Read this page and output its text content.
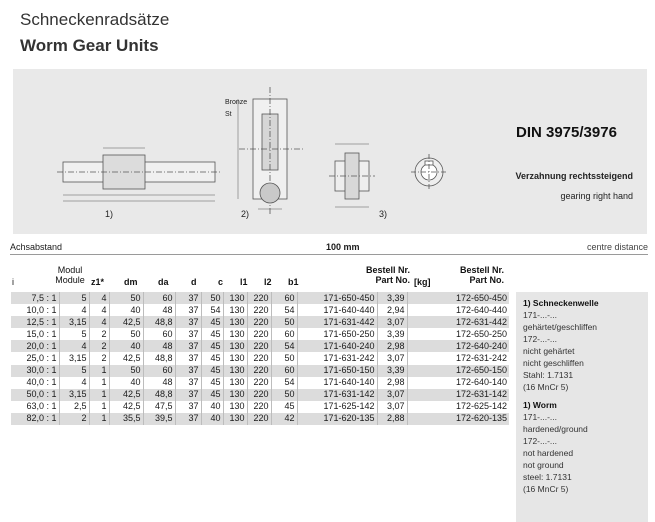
Schneckenradsätze
Worm Gear Units
DIN 3975/3976
Verzahnung rechtssteigend
gearing right hand
1)	2)	3)
Bronze
St
Achsabstand	100 mm	centre distance
i
Modul
Module z1* dm da d c l1 l2 b1
Bestell Nr.
Part No. [kg]
Bestell Nr.
Part No.
7,5 : 1	5	4	50	60	37	50	130	220	60	171-650-450	3,39	172-650-450
10,0 : 1	4	4	40	48	37	54	130	220	54	171-640-440	2,94	172-640-440
12,5 : 1	3,15	4	42,5	48,8	37	45	130	220	50	171-631-442	3,07	172-631-442
15,0 : 1	5	2	50	60	37	45	130	220	60	171-650-250	3,39	172-650-250
20,0 : 1	4	2	40	48	37	45	130	220	54	171-640-240	2,98	172-640-240
25,0 : 1	3,15	2	42,5	48,8	37	45	130	220	50	171-631-242	3,07	172-631-242
30,0 : 1	5	1	50	60	37	45	130	220	60	171-650-150	3,39	172-650-150
40,0 : 1	4	1	40	48	37	45	130	220	54	171-640-140	2,98	172-640-140
50,0 : 1	3,15	1	42,5	48,8	37	45	130	220	50	171-631-142	3,07	172-631-142
63,0 : 1	2,5	1	42,5	47,5	37	40	130	220	45	171-625-142	3,07	172-625-142
82,0 : 1	2	1	35,5	39,5	37	40	130	220	42	171-620-135	2,88	172-620-135
1) Schneckenwelle
171-...-...
gehärtet/geschliffen
172-...-...
nicht gehärtet
nicht geschliffen
Stahl: 1.7131
(16 MnCr 5)
1) Worm
171-...-...
hardened/ground
172-...-...
not hardened
not ground
steel: 1.7131
(16 MnCr 5)
